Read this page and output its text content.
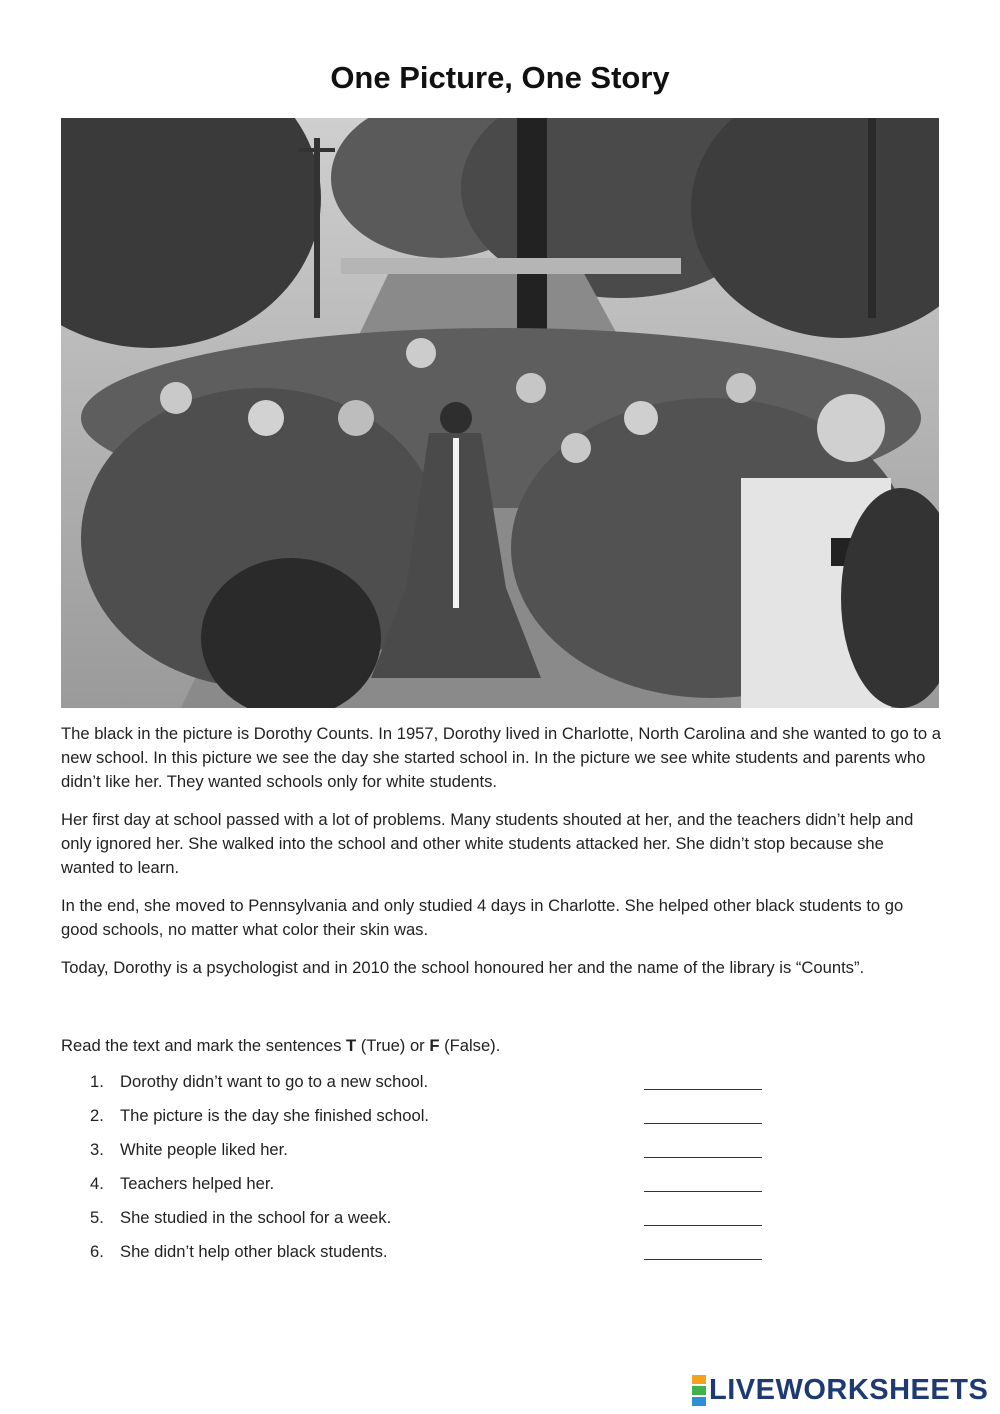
One Picture, One Story

The black in the picture is Dorothy Counts. In 1957, Dorothy lived in Charlotte, North Carolina and she wanted to go to a new school. In this picture we see the day she started school in. In the picture we see white students and parents who didn’t like her. They wanted schools only for white students.

Her first day at school passed with a lot of problems. Many students shouted at her, and the teachers didn’t help and only ignored her. She walked into the school and other white students attacked her. She didn’t stop because she wanted to learn.

In the end, she moved to Pennsylvania and only studied 4 days in Charlotte. She helped other black students to go good schools, no matter what color their skin was.

Today, Dorothy is a psychologist and in 2010 the school honoured her and the name of the library is “Counts”.

Read the text and mark the sentences T (True) or F (False).
1. Dorothy didn’t want to go to a new school.
2. The picture is the day she finished school.
3. White people liked her.
4. Teachers helped her.
5. She studied in the school for a week.
6. She didn’t help other black students.
LIVEWORKSHEETS
